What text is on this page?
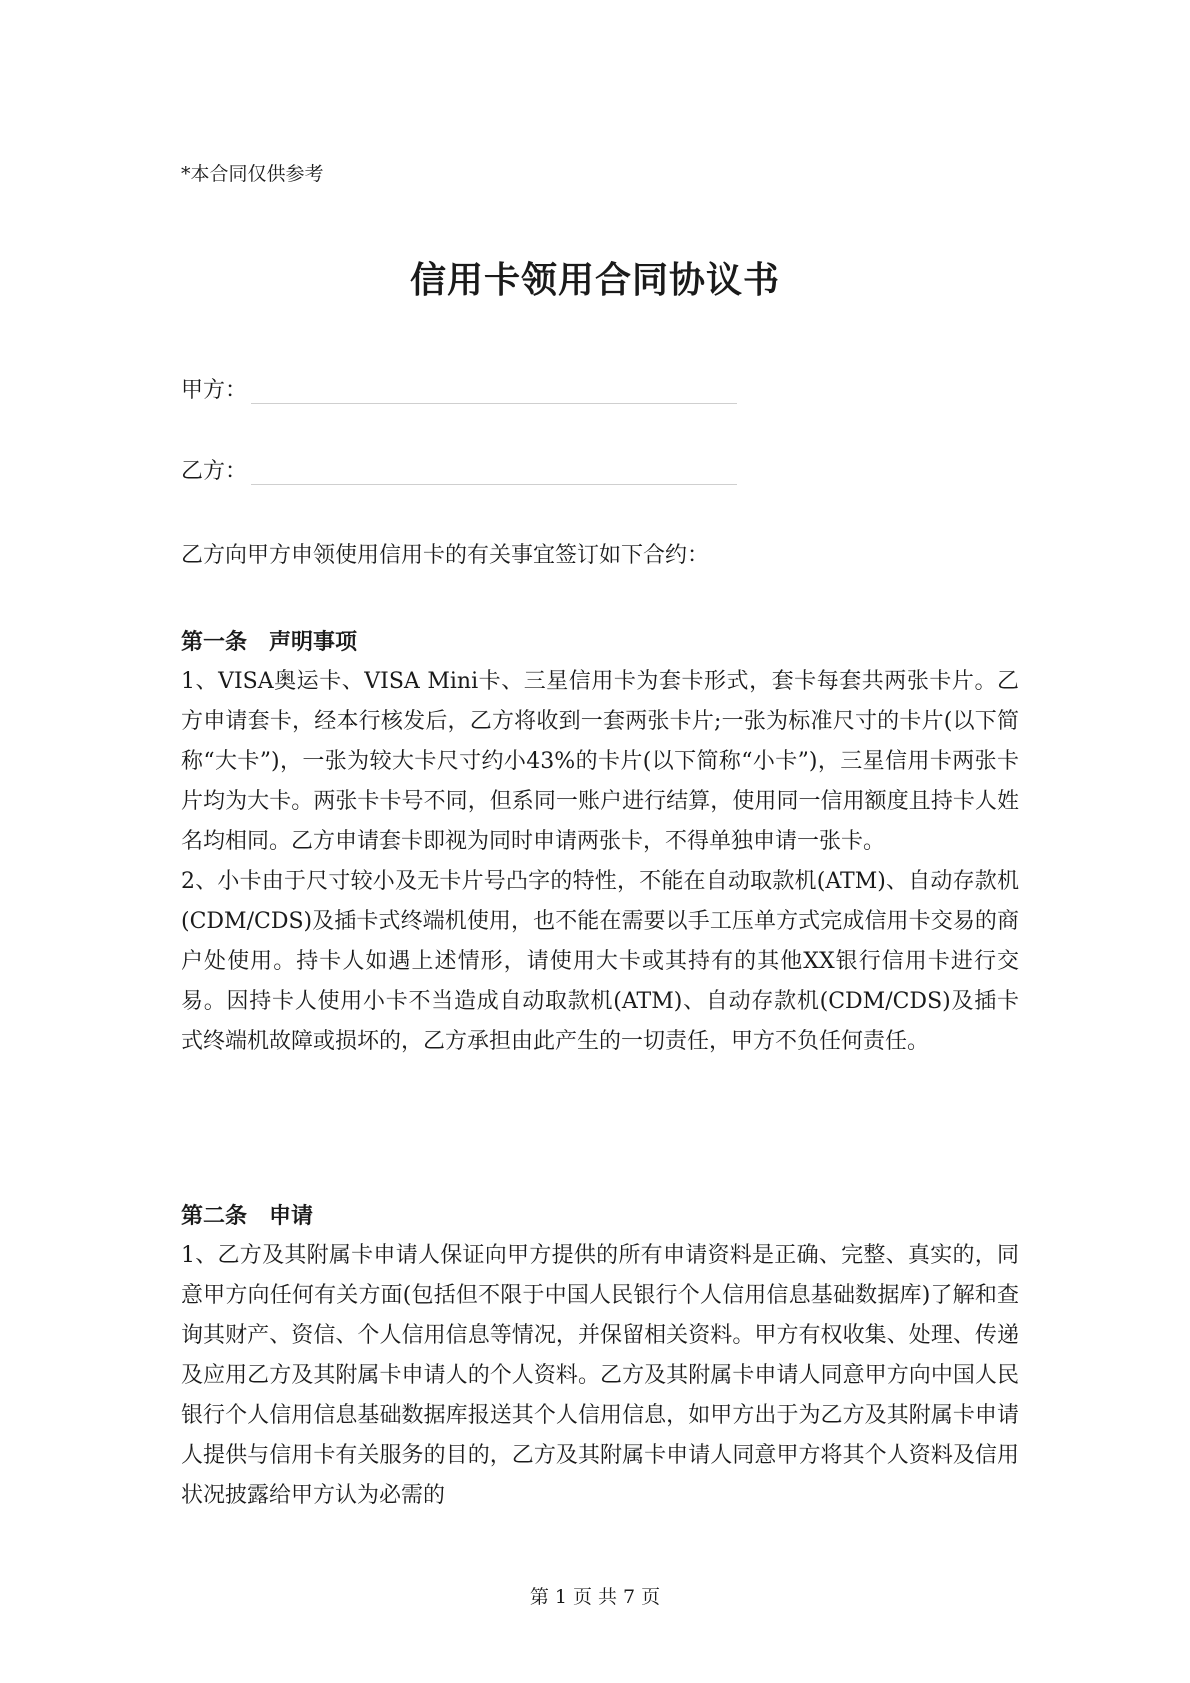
*本合同仅供参考
信用卡领用合同协议书
甲方：
乙方：
乙方向甲方申领使用信用卡的有关事宜签订如下合约：
第一条　声明事项

1、VISA奥运卡、VISA Mini卡、三星信用卡为套卡形式，套卡每套共两张卡片。乙方申请套卡，经本行核发后，乙方将收到一套两张卡片;一张为标准尺寸的卡片(以下简称“大卡”)，一张为较大卡尺寸约小43%的卡片(以下简称“小卡”)，三星信用卡两张卡片均为大卡。两张卡卡号不同，但系同一账户进行结算，使用同一信用额度且持卡人姓名均相同。乙方申请套卡即视为同时申请两张卡，不得单独申请一张卡。

2、小卡由于尺寸较小及无卡片号凸字的特性，不能在自动取款机(ATM)、自动存款机(CDM/CDS)及插卡式终端机使用，也不能在需要以手工压单方式完成信用卡交易的商户处使用。持卡人如遇上述情形，请使用大卡或其持有的其他XX银行信用卡进行交易。因持卡人使用小卡不当造成自动取款机(ATM)、自动存款机(CDM/CDS)及插卡式终端机故障或损坏的，乙方承担由此产生的一切责任，甲方不负任何责任。

第二条　申请

1、乙方及其附属卡申请人保证向甲方提供的所有申请资料是正确、完整、真实的，同意甲方向任何有关方面(包括但不限于中国人民银行个人信用信息基础数据库)了解和查询其财产、资信、个人信用信息等情况，并保留相关资料。甲方有权收集、处理、传递及应用乙方及其附属卡申请人的个人资料。乙方及其附属卡申请人同意甲方向中国人民银行个人信用信息基础数据库报送其个人信用信息，如甲方出于为乙方及其附属卡申请人提供与信用卡有关服务的目的，乙方及其附属卡申请人同意甲方将其个人资料及信用状况披露给甲方认为必需的

第 1 页 共 7 页
